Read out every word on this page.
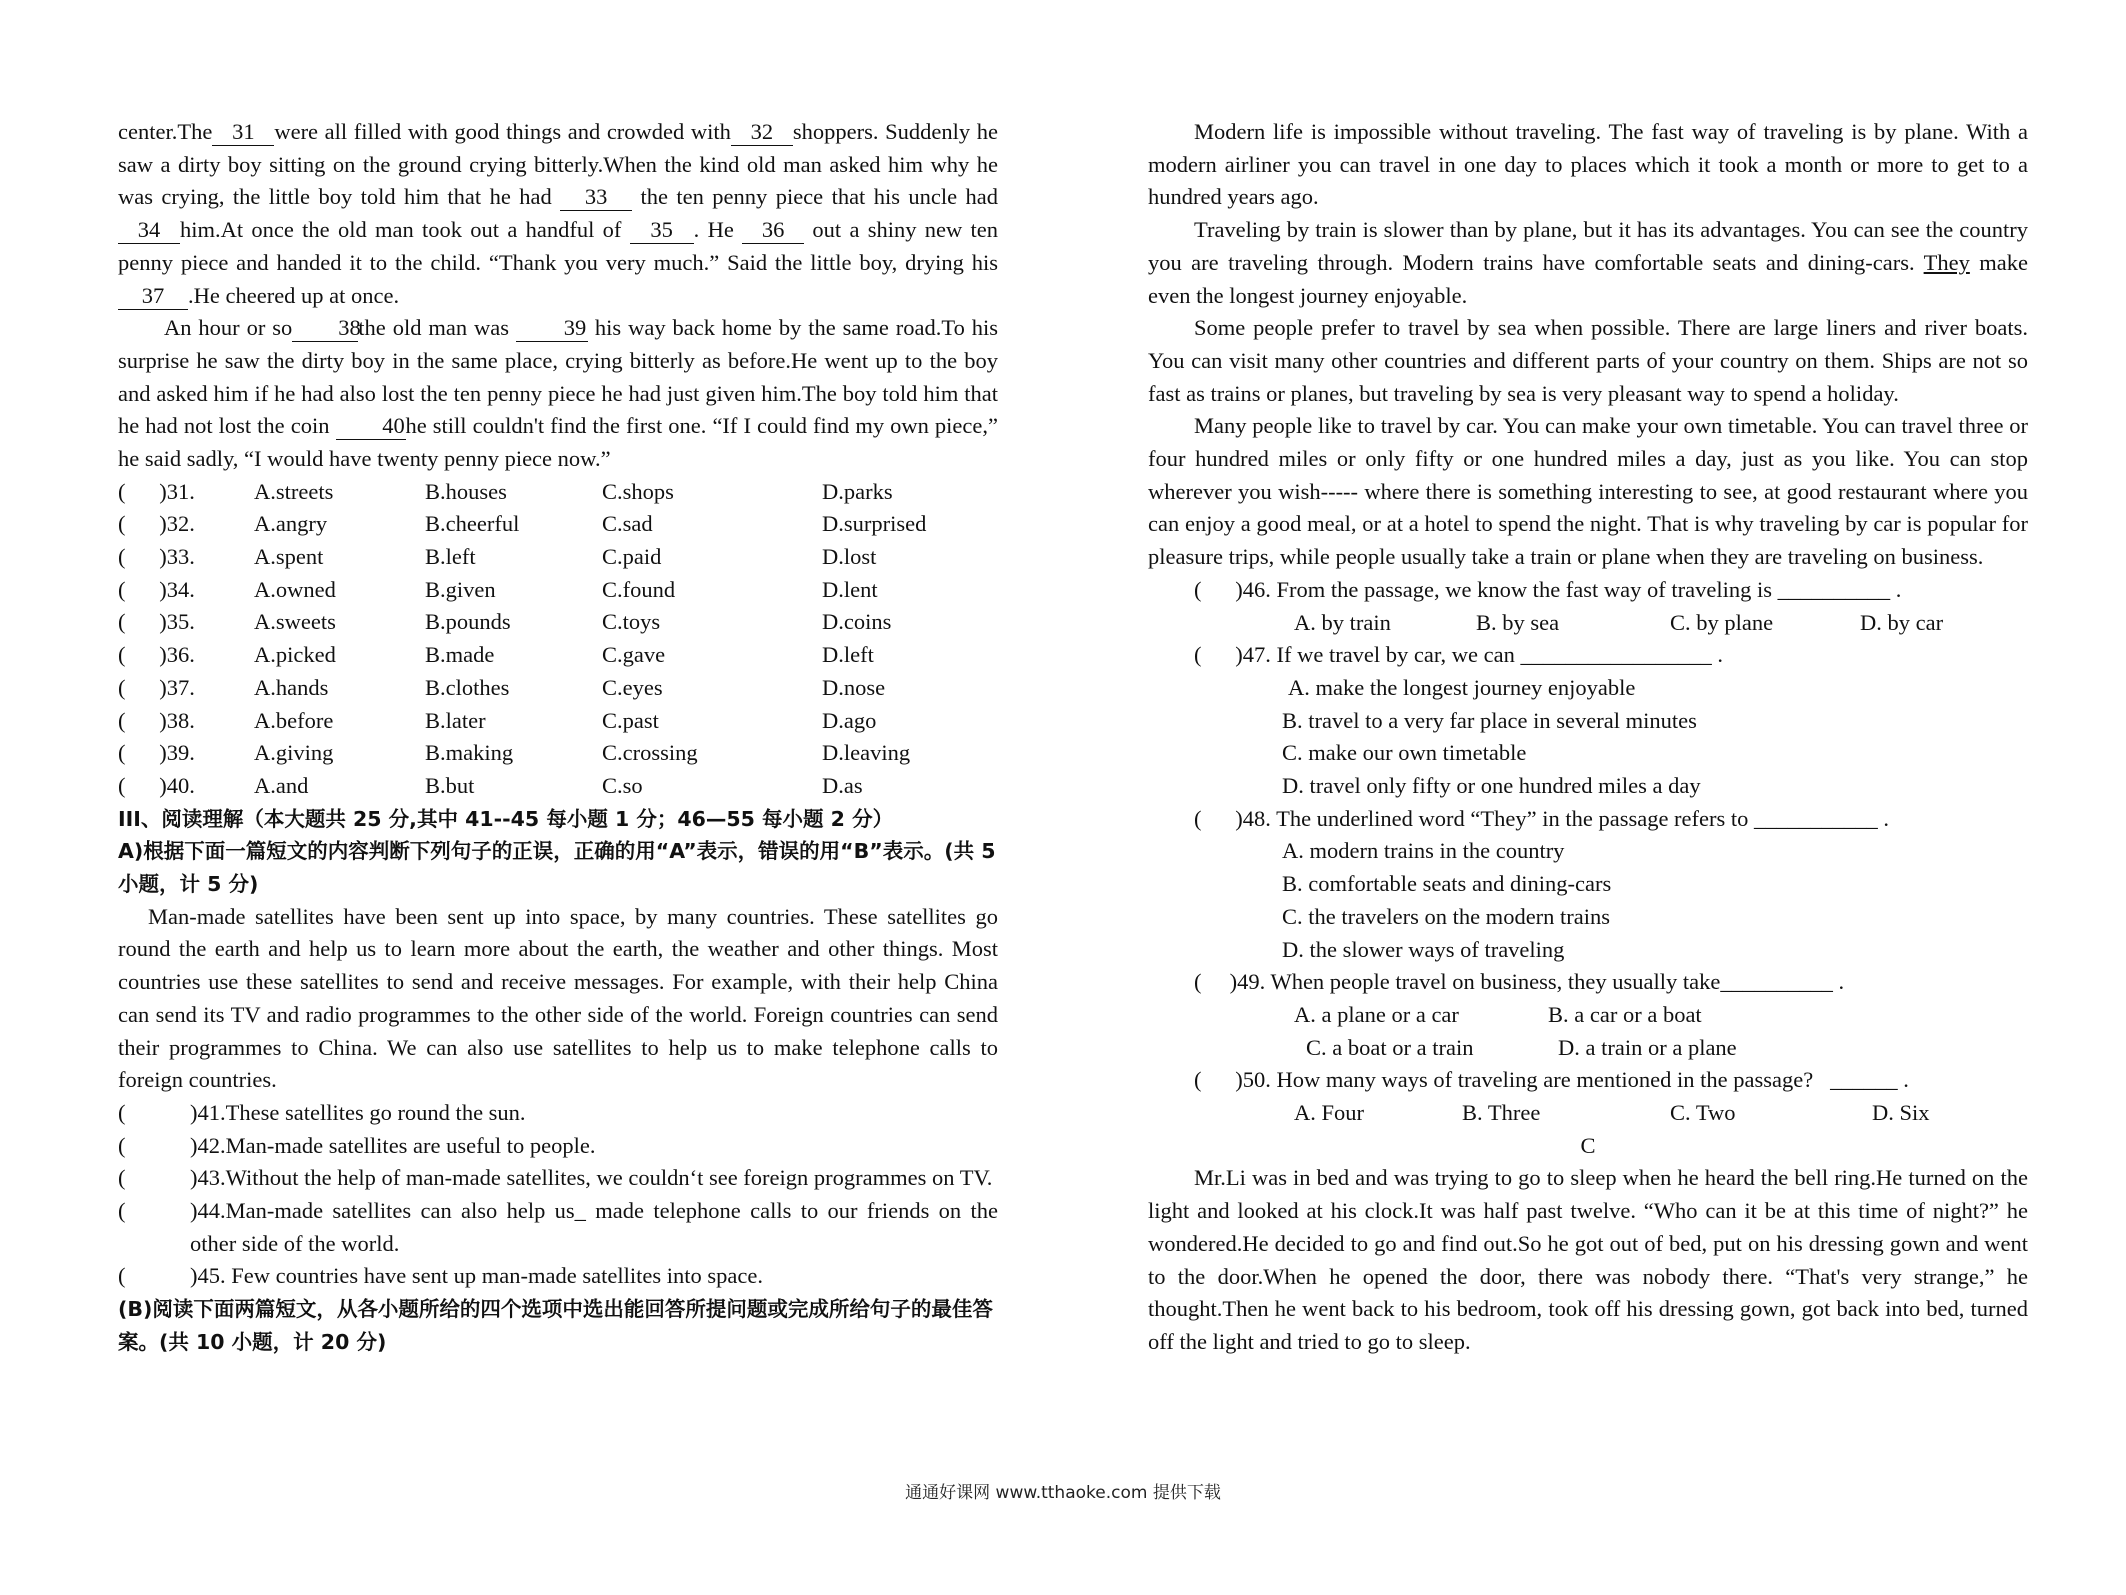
center.The 31 were all filled with good things and crowded with 32 shoppers. Suddenly he saw a dirty boy sitting on the ground crying bitterly.When the kind old man asked him why he was crying, the little boy told him that he had 33 the ten penny piece that his uncle had34 him.At once the old man took out a handful of 35 . He 36 out a shiny new ten penny piece and handed it to the child. “Thank you very much.” Said the little boy, drying his 37 .He cheered up at once.

An hour or so 38the old man was 39 his way back home by the same road.To his surprise he saw the dirty boy in the same place, crying bitterly as before.He went up to the boy and asked him if he had also lost the ten penny piece he had just given him.The boy told him that he had not lost the coin 40he still couldn't find the first one. “If I could find my own piece,” he said sadly, “I would have twenty penny piece now.”

(      )31.	A.streets	B.houses	C.shops	D.parks
(      )32.	A.angry	B.cheerful	C.sad	D.surprised
(      )33.	A.spent	B.left	C.paid	D.lost
(      )34.	A.owned	B.given	C.found	D.lent
(      )35.	A.sweets	B.pounds	C.toys	D.coins
(      )36.	A.picked	B.made	C.gave	D.left
(      )37.	A.hands	B.clothes	C.eyes	D.nose
(      )38.	A.before	B.later	C.past	D.ago
(      )39.	A.giving	B.making	C.crossing	D.leaving
(      )40.	A.and	B.but	C.so	D.as

III、阅读理解（本大题共 25 分,其中 41--45 每小题 1 分；46—55 每小题 2 分）

A)根据下面一篇短文的内容判断下列句子的正误，正确的用“A”表示，错误的用“B”表示。(共 5 小题，计 5 分)

Man-made satellites have been sent up into space, by many countries. These satellites go round the earth and help us to learn more about the earth, the weather and other things. Most countries use these satellites to send and receive messages. For example, with their help China can send its TV and radio programmes to the other side of the world. Foreign countries can send their programmes to China. We can also use satellites to help us to make telephone calls to foreign countries.

(	)41.These satellites go round the sun.

(	)42.Man-made satellites are useful to people.

(	)43.Without the help of man-made satellites, we couldn‘t see foreign programmes on TV.

(	)44.Man-made satellites can also help us_ made telephone calls to our friends on the other side of the world.

(	)45. Few countries have sent up man-made satellites into space.

(B)阅读下面两篇短文，从各小题所给的四个选项中选出能回答所提问题或完成所给句子的最佳答案。(共 10 小题，计 20 分)

Modern life is impossible without traveling. The fast way of traveling is by plane. With a modern airliner you can travel in one day to places which it took a month or more to get to a hundred years ago.

Traveling by train is slower than by plane, but it has its advantages. You can see the country you are traveling through. Modern trains have comfortable seats and dining-cars. They make even the longest journey enjoyable.

Some people prefer to travel by sea when possible. There are large liners and river boats. You can visit many other countries and different parts of your country on them. Ships are not so fast as trains or planes, but traveling by sea is very pleasant way to spend a holiday.

Many people like to travel by car. You can make your own timetable. You can travel three or four hundred miles or only fifty or one hundred miles a day, just as you like. You can stop wherever you wish----- where there is something interesting to see, at good restaurant where you can enjoy a good meal, or at a hotel to spend the night. That is why traveling by car is popular for pleasure trips, while people usually take a train or plane when they are traveling on business.

(      )46. From the passage, we know the fast way of traveling is __________ .

A. by train	B. by sea	C. by plane	D. by car

(      )47. If we travel by car, we can _________________ .

A. make the longest journey enjoyable

B. travel to a very far place in several minutes

C. make our own timetable

D. travel only fifty or one hundred miles a day

(      )48. The underlined word “They” in the passage refers to ___________ .

A. modern trains in the country

B. comfortable seats and dining-cars

C. the travelers on the modern trains

D. the slower ways of traveling

(     )49. When people travel on business, they usually take__________ .

A. a plane or a car	B. a car or a boat
C. a boat or a train	D. a train or a plane

(      )50. How many ways of traveling are mentioned in the passage?   ______ .

A. Four	B. Three	C. Two	D. Six

C

Mr.Li was in bed and was trying to go to sleep when he heard the bell ring.He turned on the light and looked at his clock.It was half past twelve. “Who can it be at this time of night?” he wondered.He decided to go and find out.So he got out of bed, put on his dressing gown and went to the door.When he opened the door, there was nobody there. “That's very strange,” he thought.Then he went back to his bedroom, took off his dressing gown, got back into bed, turned off the light and tried to go to sleep.

通通好课网 www.tthaoke.com 提供下载
